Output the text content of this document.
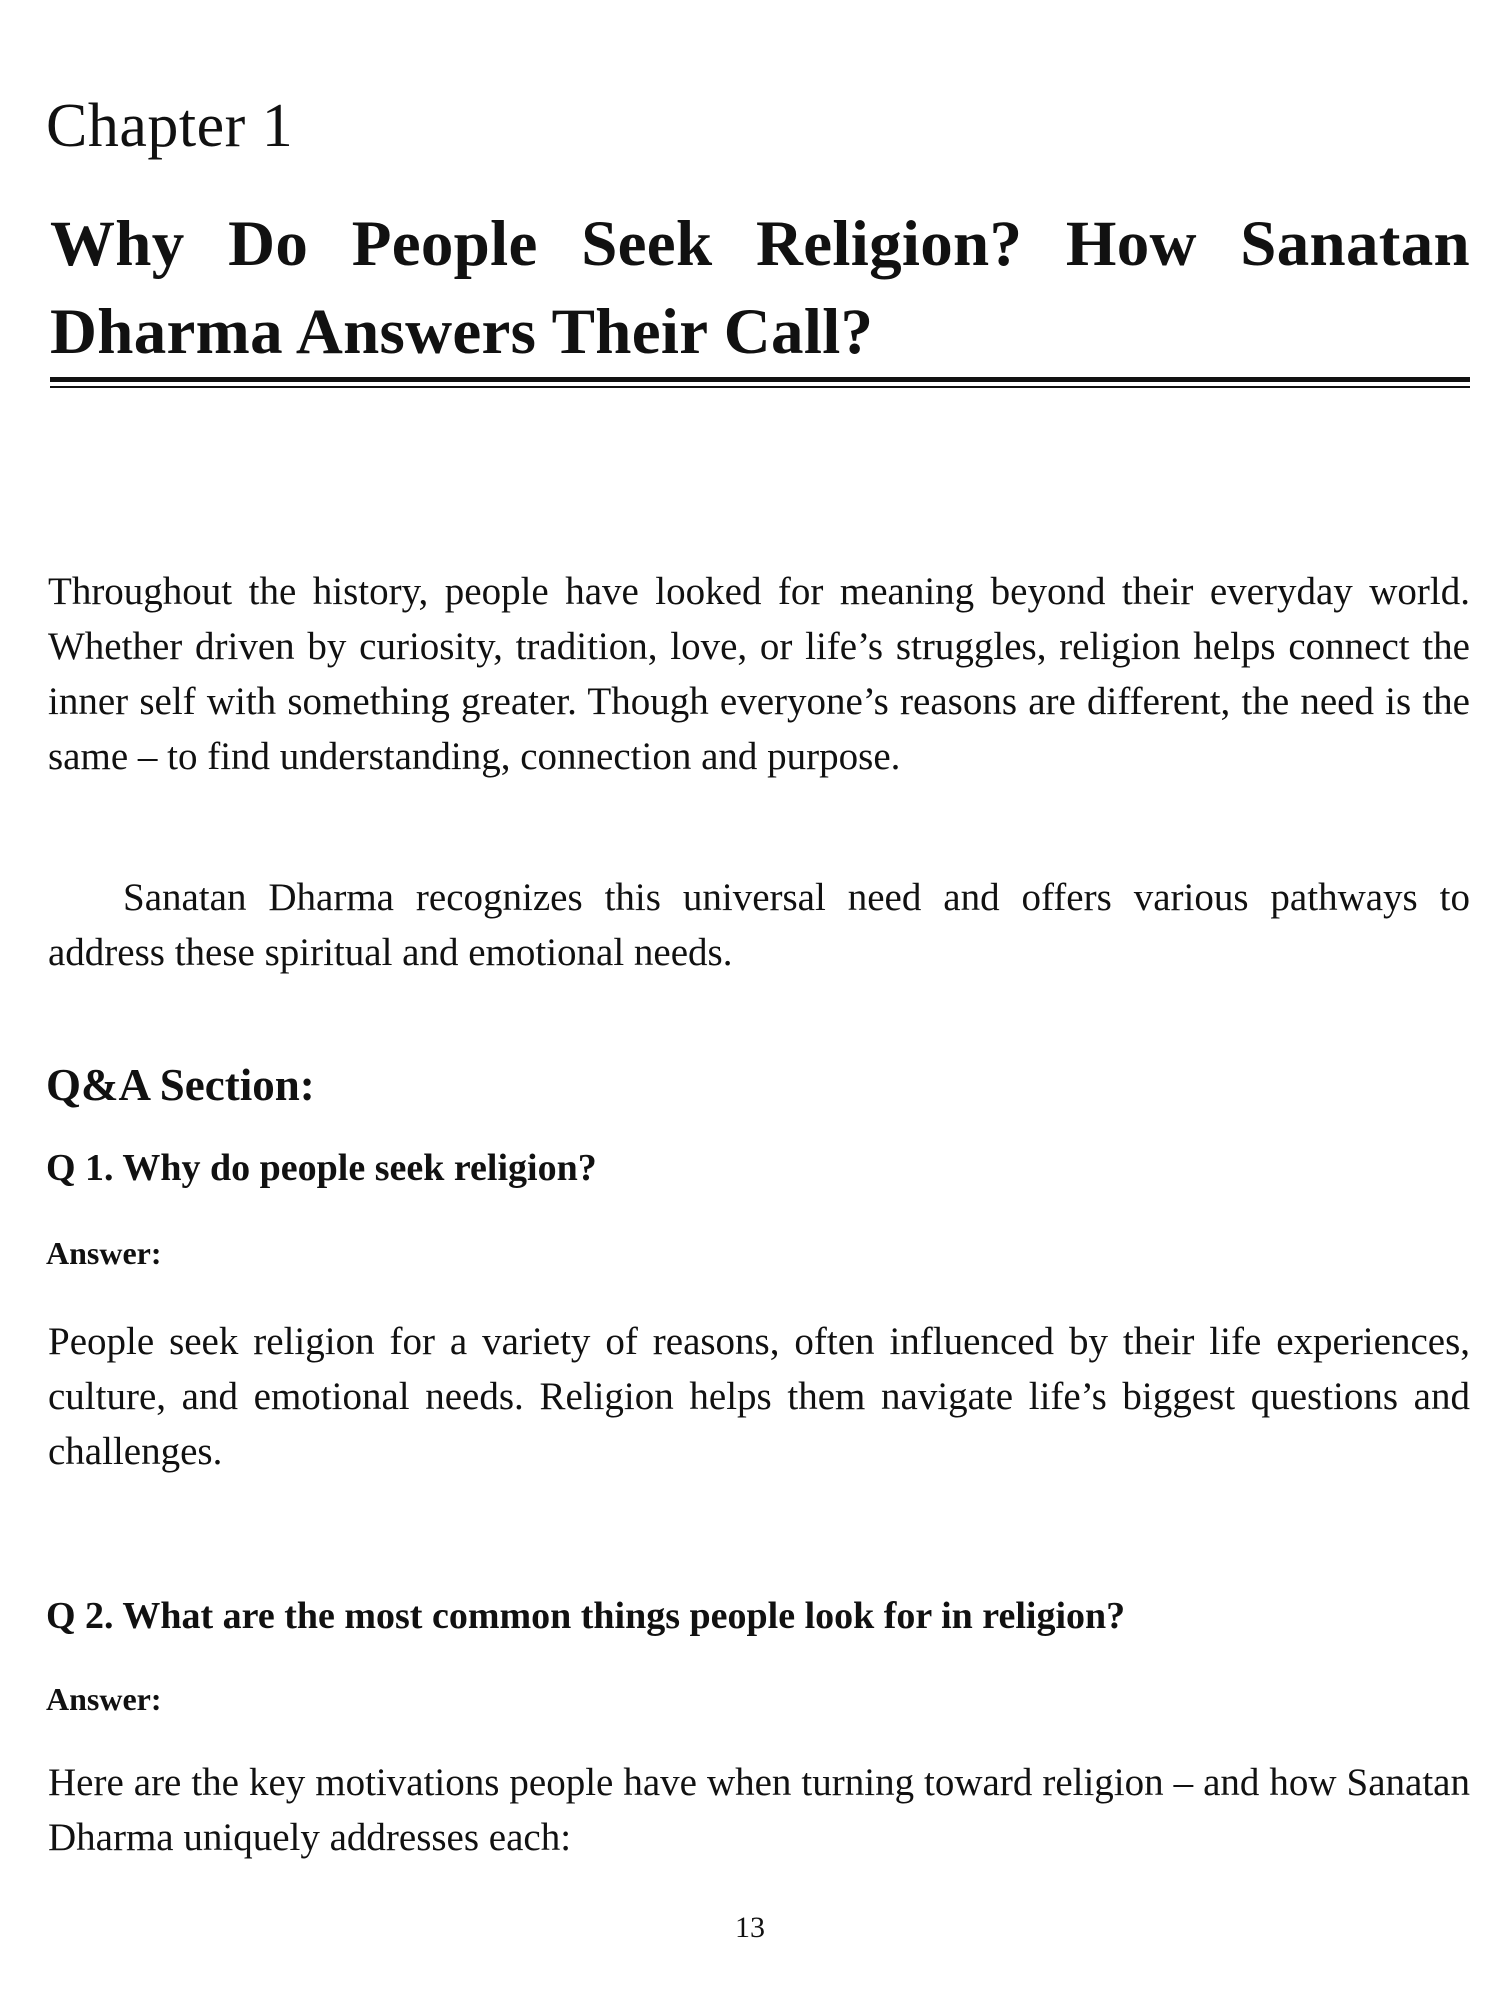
Chapter 1
Why Do People Seek Religion? How Sanatan Dharma Answers Their Call?

Throughout the history, people have looked for meaning beyond their everyday world. Whether driven by curiosity, tradition, love, or life’s struggles, religion helps connect the inner self with something greater. Though everyone’s reasons are different, the need is the same – to find understanding, connection and purpose.

Sanatan Dharma recognizes this universal need and offers various pathways to address these spiritual and emotional needs.

Q&A Section:
Q 1. Why do people seek religion?
Answer:

People seek religion for a variety of reasons, often influenced by their life experiences, culture, and emotional needs. Religion helps them navigate life’s biggest questions and challenges.

Q 2. What are the most common things people look for in religion?
Answer:

Here are the key motivations people have when turning toward religion – and how Sanatan Dharma uniquely addresses each:

13
